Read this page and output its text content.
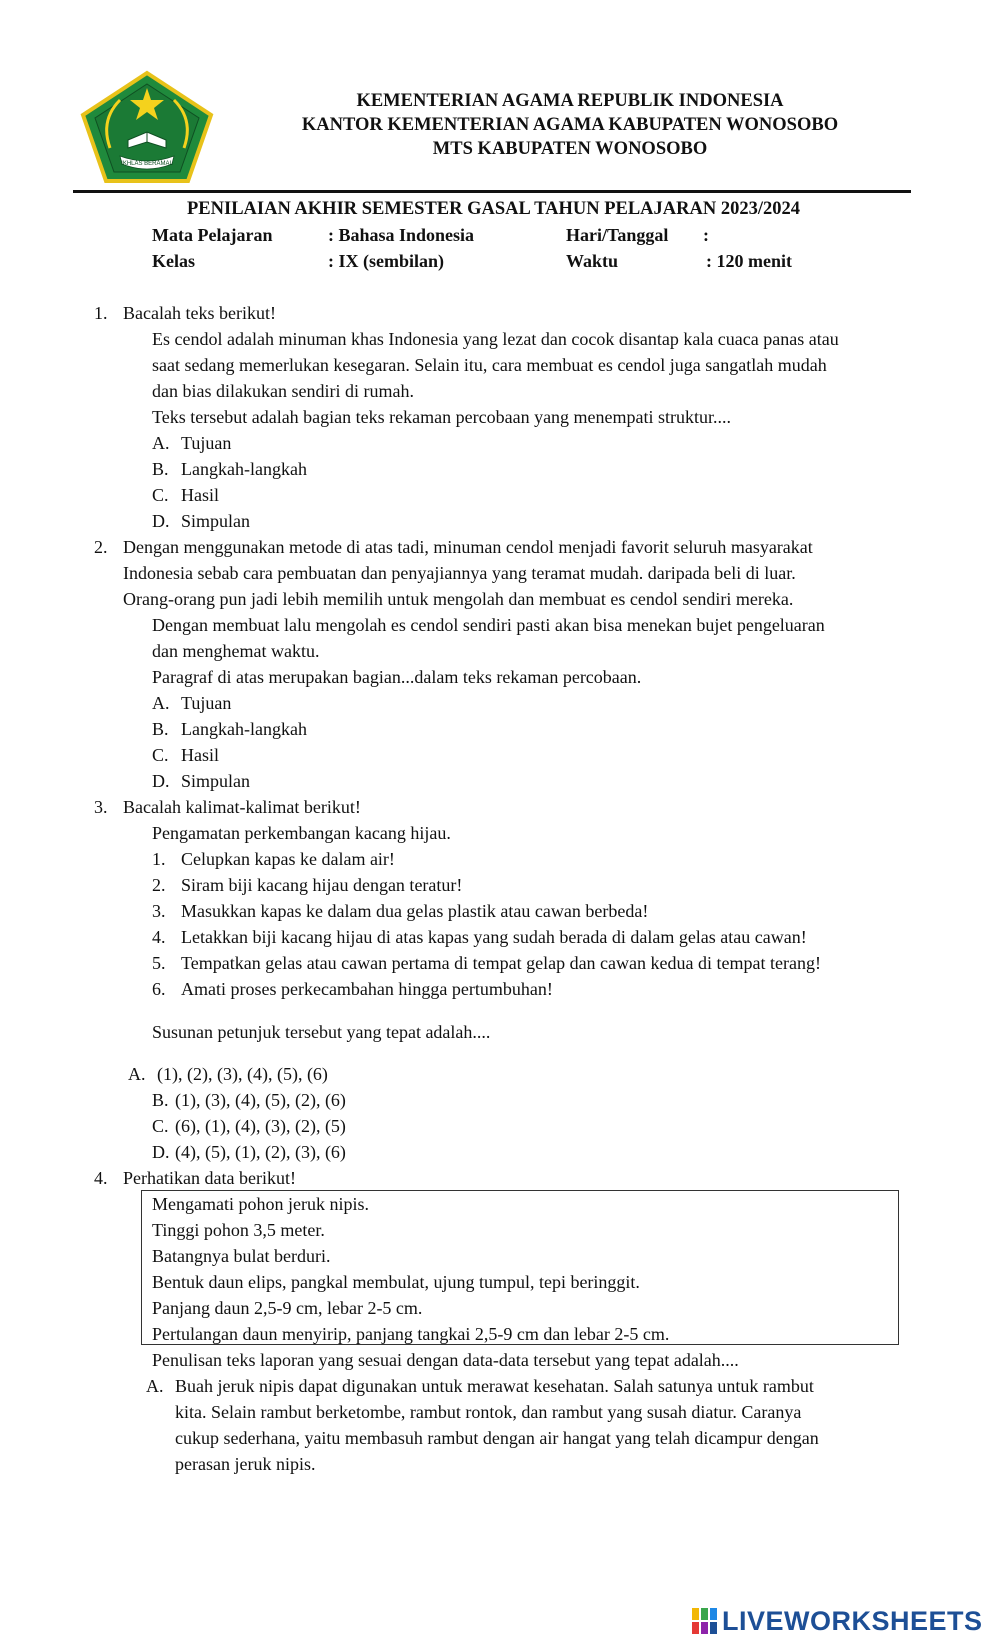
IKHLAS BERAMAL
KEMENTERIAN AGAMA REPUBLIK INDONESIA
KANTOR KEMENTERIAN AGAMA KABUPATEN WONOSOBO
MTS KABUPATEN WONOSOBO
PENILAIAN AKHIR SEMESTER GASAL TAHUN PELAJARAN 2023/2024
Mata Pelajaran	: Bahasa Indonesia	Hari/Tanggal :
Kelas	: IX (sembilan)	Waktu	: 120 menit
1. Bacalah teks berikut!
Es cendol adalah minuman khas Indonesia yang lezat dan cocok disantap kala cuaca panas atau
saat sedang memerlukan kesegaran. Selain itu, cara membuat es cendol juga sangatlah mudah
dan bias dilakukan sendiri di rumah.
Teks tersebut adalah bagian teks rekaman percobaan yang menempati struktur....
A. Tujuan
B. Langkah-langkah
C. Hasil
D. Simpulan
2. Dengan menggunakan metode di atas tadi, minuman cendol menjadi favorit seluruh masyarakat
Indonesia sebab cara pembuatan dan penyajiannya yang teramat mudah. daripada beli di luar.
Orang-orang pun jadi lebih memilih untuk mengolah dan membuat es cendol sendiri mereka.
Dengan membuat lalu mengolah es cendol sendiri pasti akan bisa menekan bujet pengeluaran
dan menghemat waktu.
Paragraf di atas merupakan bagian...dalam teks rekaman percobaan.
A. Tujuan
B. Langkah-langkah
C. Hasil
D. Simpulan
3. Bacalah kalimat-kalimat berikut!
Pengamatan perkembangan kacang hijau.
1. Celupkan kapas ke dalam air!
2. Siram biji kacang hijau dengan teratur!
3. Masukkan kapas ke dalam dua gelas plastik atau cawan berbeda!
4. Letakkan biji kacang hijau di atas kapas yang sudah berada di dalam gelas atau cawan!
5. Tempatkan gelas atau cawan pertama di tempat gelap dan cawan kedua di tempat terang!
6. Amati proses perkecambahan hingga pertumbuhan!
Susunan petunjuk tersebut yang tepat adalah....
A. (1), (2), (3), (4), (5), (6)
B. (1), (3), (4), (5), (2), (6)
C. (6), (1), (4), (3), (2), (5)
D. (4), (5), (1), (2), (3), (6)
4. Perhatikan data berikut!
Mengamati pohon jeruk nipis.
Tinggi pohon 3,5 meter.
Batangnya bulat berduri.
Bentuk daun elips, pangkal membulat, ujung tumpul, tepi beringgit.
Panjang daun 2,5-9 cm, lebar 2-5 cm.
Pertulangan daun menyirip, panjang tangkai 2,5-9 cm dan lebar 2-5 cm.
Penulisan teks laporan yang sesuai dengan data-data tersebut yang tepat adalah....
A. Buah jeruk nipis dapat digunakan untuk merawat kesehatan. Salah satunya untuk rambut
kita. Selain rambut berketombe, rambut rontok, dan rambut yang susah diatur. Caranya
cukup sederhana, yaitu membasuh rambut dengan air hangat yang telah dicampur dengan
perasan jeruk nipis.
LIVEWORKSHEETS
